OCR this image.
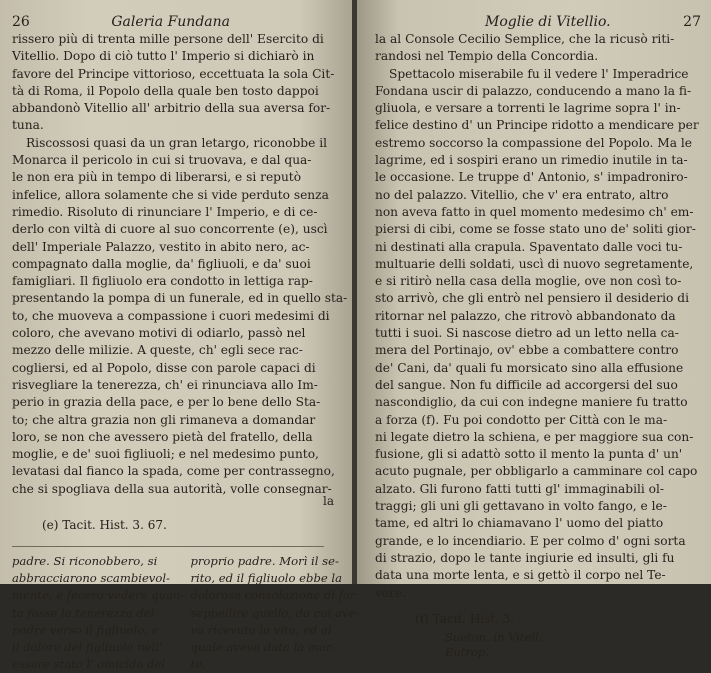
26	Galeria Fundana
rissero più di trenta mille persone dell' Esercito di
Vitellio. Dopo di ciò tutto l' Imperio si dichiarò in
favore del Principe vittorioso, eccettuata la sola Cit-
tà di Roma, il Popolo della quale ben tosto dappoi
abbandonò Vitellio all' arbitrio della sua aversa for-
tuna.
Riscossosi quasi da un gran letargo, riconobbe il
Monarca il pericolo in cui si truovava, e dal qua-
le non era più in tempo di liberarsi, e si reputò
infelice, allora solamente che si vide perduto senza
rimedio. Risoluto di rinunciare l' Imperio, e di ce-
derlo con viltà di cuore al suo concorrente (e), uscì
dell' Imperiale Palazzo, vestito in abito nero, ac-
compagnato dalla moglie, da' figliuoli, e da' suoi
famigliari. Il figliuolo era condotto in lettiga rap-
presentando la pompa di un funerale, ed in quello sta-
to, che muoveva a compassione i cuori medesimi di
coloro, che avevano motivi di odiarlo, passò nel
mezzo delle milizie. A queste, ch' egli sece rac-
cogliersi, ed al Popolo, disse con parole capaci di
risvegliare la tenerezza, ch' ei rinunciava allo Im-
perio in grazia della pace, e per lo bene dello Sta-
to; che altra grazia non gli rimaneva a domandar
loro, se non che avessero pietà del fratello, della
moglie, e de' suoi figliuoli; e nel medesimo punto,
levatasi dal fianco la spada, come per contrassegno,
che si spogliava della sua autorità, volle consegnar-
la
(e) Tacit. Hist. 3. 67.
padre. Si riconobbero, si
abbracciarono scambievol-
mente, e fecero vedere quan-
ta fosse la tenerezza del
padre verso il figliuolo, e
il dolore del figliuolo nell'
essere stato l' omicida del
proprio padre. Morì il se-
rito, ed il figliuolo ebbe la
dolorosa consolazione di far
seppellire quello, da cui ave-
va ricevuta la vita, ed al
quale aveva data la mor-
te.
Moglie di Vitellio.	27
la al Console Cecilio Semplice, che la ricusò riti-
randosi nel Tempio della Concordia.
Spettacolo miserabile fu il vedere l' Imperadrice
Fondana uscir di palazzo, conducendo a mano la fi-
gliuola, e versare a torrenti le lagrime sopra l' in-
felice destino d' un Principe ridotto a mendicare per
estremo soccorso la compassione del Popolo. Ma le
lagrime, ed i sospiri erano un rimedio inutile in ta-
le occasione. Le truppe d' Antonio, s' impadroniro-
no del palazzo. Vitellio, che v' era entrato, altro
non aveva fatto in quel momento medesimo ch' em-
piersi di cibi, come se fosse stato uno de' soliti gior-
ni destinati alla crapula. Spaventato dalle voci tu-
multuarie delli soldati, uscì di nuovo segretamente,
e si ritirò nella casa della moglie, ove non così to-
sto arrivò, che gli entrò nel pensiero il desiderio di
ritornar nel palazzo, che ritrovò abbandonato da
tutti i suoi. Si nascose dietro ad un letto nella ca-
mera del Portinajo, ov' ebbe a combattere contro
de' Cani, da' quali fu morsicato sino alla effusione
del sangue. Non fu difficile ad accorgersi del suo
nascondiglio, da cui con indegne maniere fu tratto
a forza (f). Fu poi condotto per Città con le ma-
ni legate dietro la schiena, e per maggiore sua con-
fusione, gli si adattò sotto il mento la punta d' un'
acuto pugnale, per obbligarlo a camminare col capo
alzato. Gli furono fatti tutti gl' immaginabili ol-
traggi; gli uni gli gettavano in volto fango, e le-
tame, ed altri lo chiamavano l' uomo del piatto
grande, e lo incendiario. E per colmo d' ogni sorta
di strazio, dopo le tante ingiurie ed insulti, gli fu
data una morte lenta, e si gettò il corpo nel Te-
vere.
(f) Tacit. Hist. 3.
Sueton. in Vitell.
Eutrop.
